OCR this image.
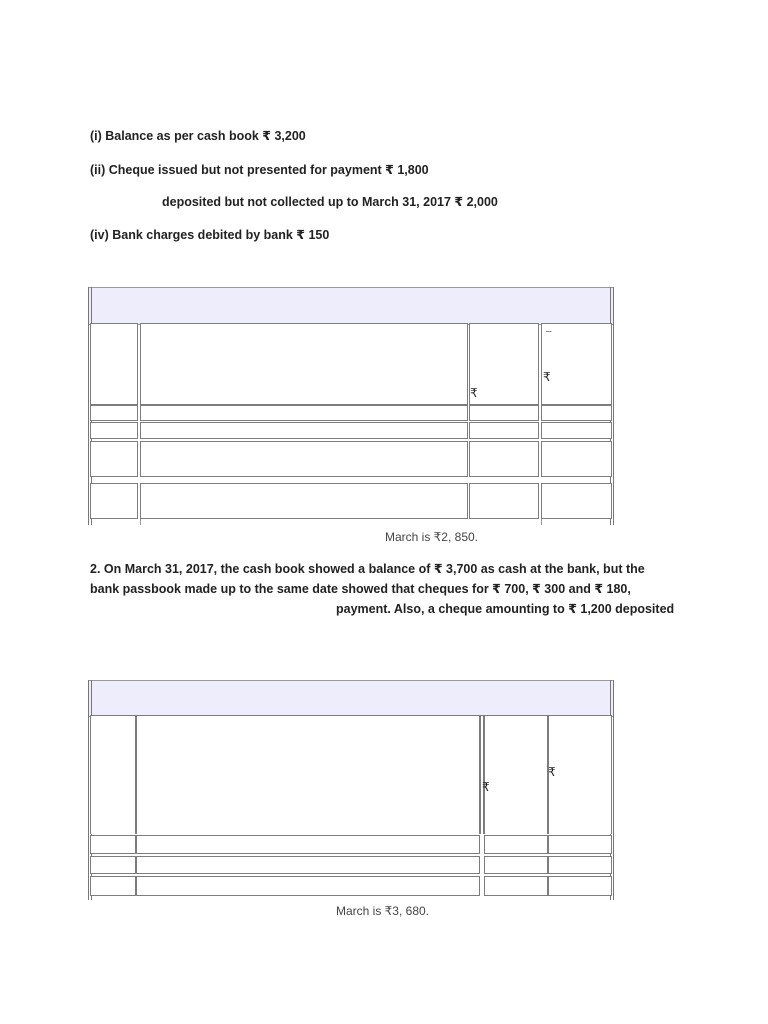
(i) Balance as per cash book ₹ 3,200
(ii) Cheque issued but not presented for payment ₹ 1,800
deposited but not collected up to March 31, 2017 ₹ 2,000
(iv) Bank charges debited by bank ₹ 150
₹
₹
–
March is ₹2, 850.
2. On March 31, 2017, the cash book showed a balance of ₹ 3,700 as cash at the bank, but the
bank passbook made up to the same date showed that cheques for ₹ 700, ₹ 300 and ₹ 180,
payment. Also, a cheque amounting to ₹ 1,200 deposited
₹
₹
March is ₹3, 680.
